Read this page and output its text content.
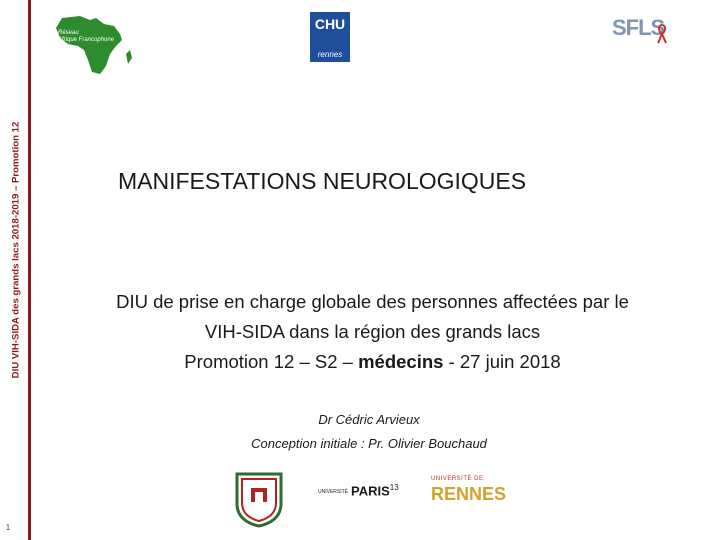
DIU VIH-SIDA des grands lacs 2018-2019 – Promotion 12
1
Réseau
Afrique Francophone
CHU
rennes
SFLS
MANIFESTATIONS NEUROLOGIQUES
DIU de prise en charge globale des personnes affectées par le
VIH-SIDA dans la région des grands lacs
Promotion 12 – S2 – médecins - 27 juin 2018
Dr Cédric Arvieux
Conception initiale : Pr. Olivier Bouchaud
UNIVERSITÉ PARIS$^{13}$
UNIVERSITÉ DE
RENNES
